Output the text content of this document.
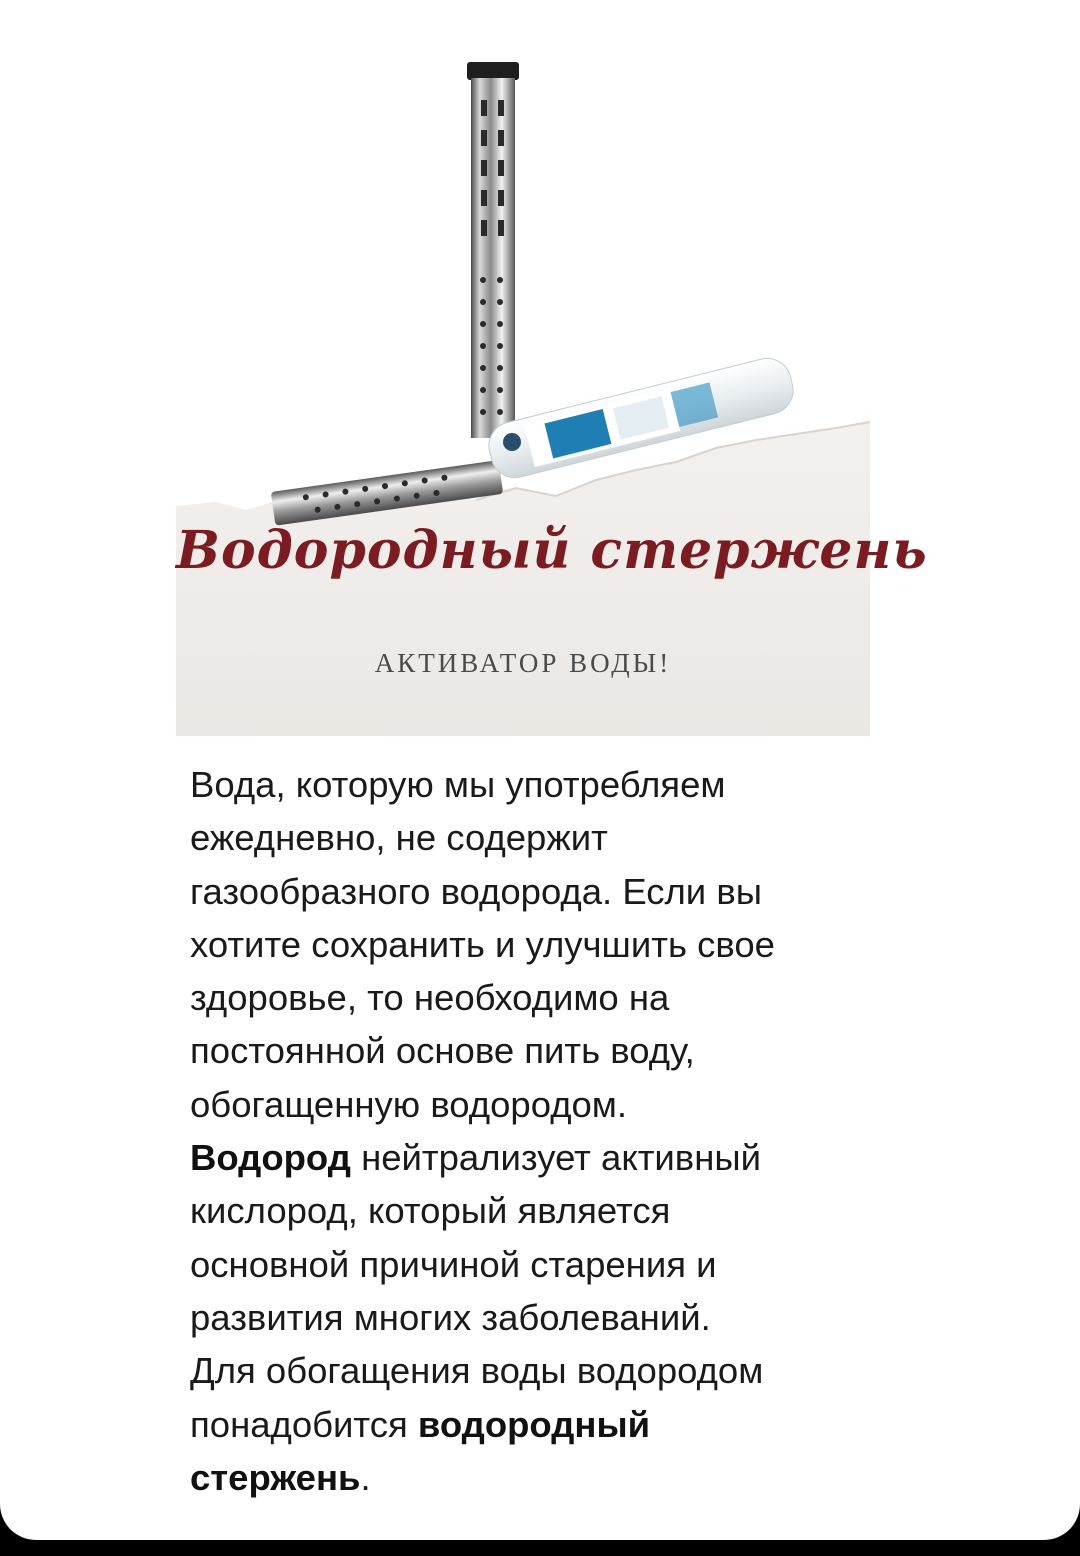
Водородный стержень

АКТИВАТОР ВОДЫ!

Вода, которую мы употребляем
ежедневно, не содержит
газообразного водорода. Если вы
хотите сохранить и улучшить свое
здоровье, то необходимо на
постоянной основе пить воду,
обогащенную водородом.
Водород нейтрализует активный
кислород, который является
основной причиной старения и
развития многих заболеваний.
Для обогащения воды водородом
понадобится водородный
стержень.
